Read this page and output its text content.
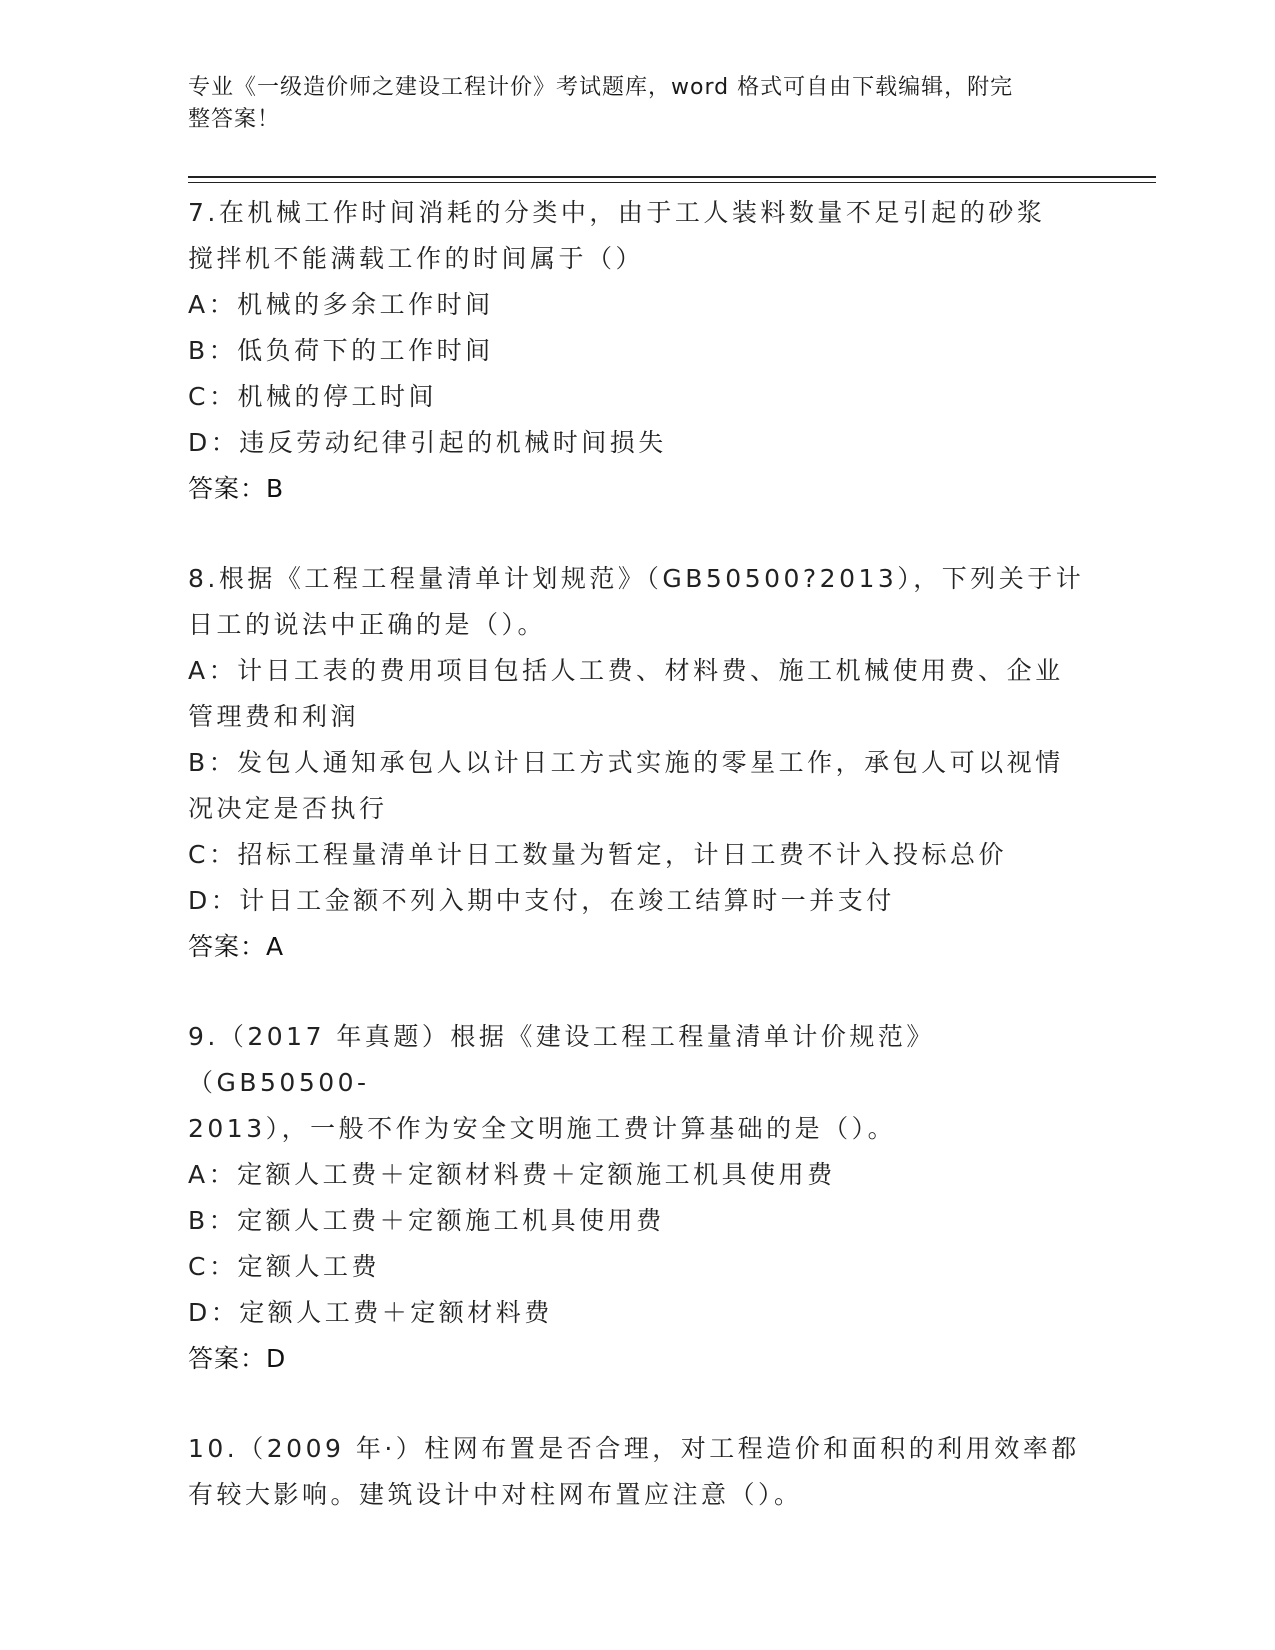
专业《一级造价师之建设工程计价》考试题库，word 格式可自由下载编辑，附完
整答案！
7.在机械工作时间消耗的分类中，由于工人装料数量不足引起的砂浆
搅拌机不能满载工作的时间属于（）
A：机械的多余工作时间
B：低负荷下的工作时间
C：机械的停工时间
D：违反劳动纪律引起的机械时间损失
答案：B
8.根据《工程工程量清单计划规范》（GB50500?2013），下列关于计
日工的说法中正确的是（）。
A：计日工表的费用项目包括人工费、材料费、施工机械使用费、企业
管理费和利润
B：发包人通知承包人以计日工方式实施的零星工作，承包人可以视情
况决定是否执行
C：招标工程量清单计日工数量为暂定，计日工费不计入投标总价
D：计日工金额不列入期中支付，在竣工结算时一并支付
答案：A
9.（2017 年真题）根据《建设工程工程量清单计价规范》（GB50500-
2013），一般不作为安全文明施工费计算基础的是（）。
A：定额人工费＋定额材料费＋定额施工机具使用费
B：定额人工费＋定额施工机具使用费
C：定额人工费
D：定额人工费＋定额材料费
答案：D
10.（2009 年·）柱网布置是否合理，对工程造价和面积的利用效率都
有较大影响。建筑设计中对柱网布置应注意（）。
